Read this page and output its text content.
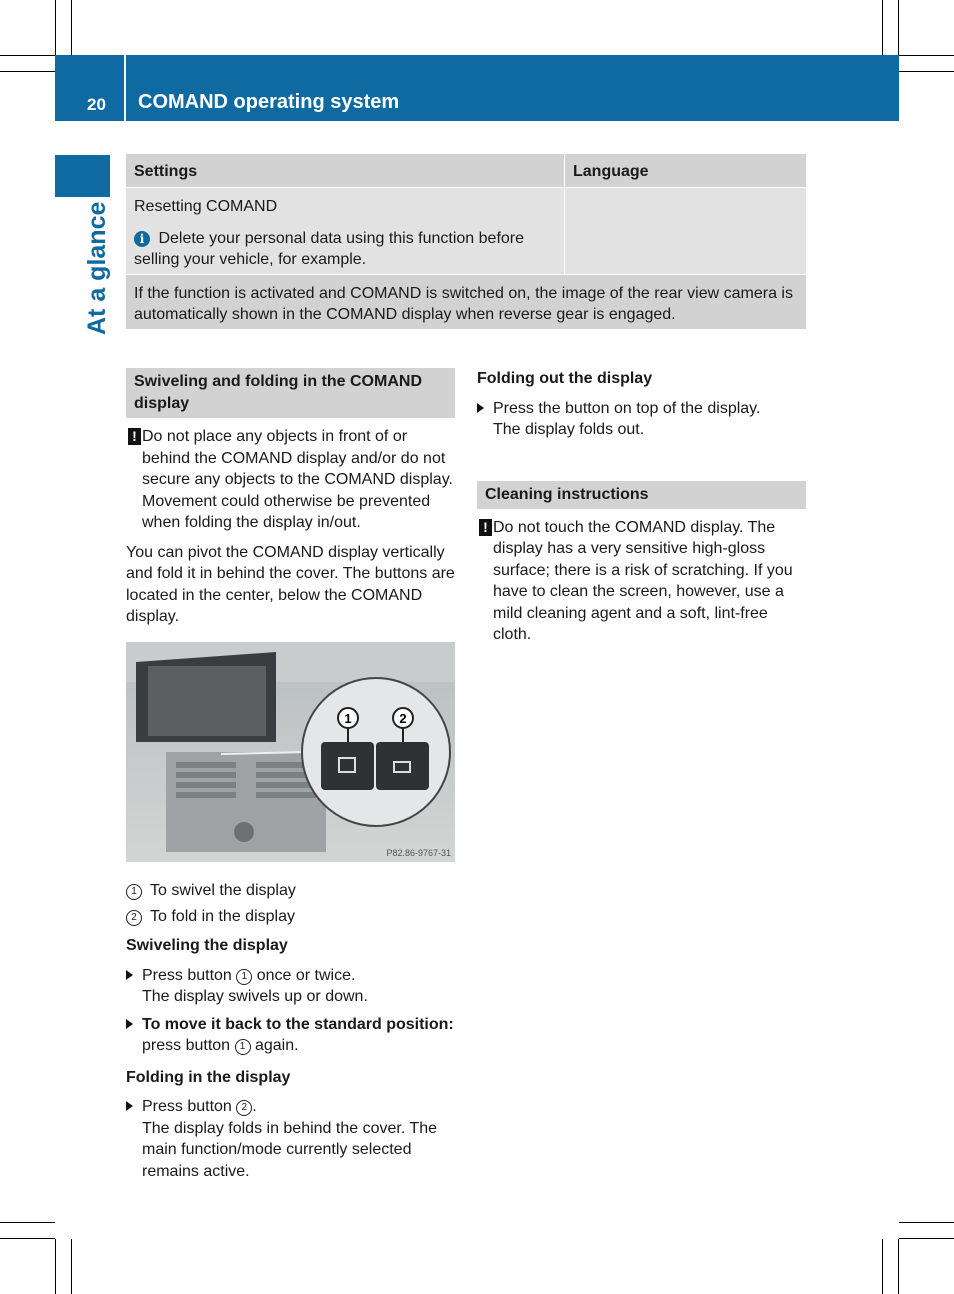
20 COMAND operating system
At a glance
Settings	Language
Resetting COMAND
i Delete your personal data using this function before selling your vehicle, for example.
If the function is activated and COMAND is switched on, the image of the rear view camera is automatically shown in the COMAND display when reverse gear is engaged.
Swiveling and folding in the COMAND display
! Do not place any objects in front of or behind the COMAND display and/or do not secure any objects to the COMAND display. Movement could otherwise be prevented when folding the display in/out.
You can pivot the COMAND display vertically and fold it in behind the cover. The buttons are located in the center, below the COMAND display.
1	2
P82.86-9767-31
1 To swivel the display
2 To fold in the display
Swiveling the display
Press button 1 once or twice.
The display swivels up or down.
To move it back to the standard position: press button 1 again.
Folding in the display
Press button 2 .
The display folds in behind the cover. The main function/mode currently selected remains active.
Folding out the display
Press the button on top of the display.
The display folds out.
Cleaning instructions
! Do not touch the COMAND display. The display has a very sensitive high-gloss surface; there is a risk of scratching. If you have to clean the screen, however, use a mild cleaning agent and a soft, lint-free cloth.
